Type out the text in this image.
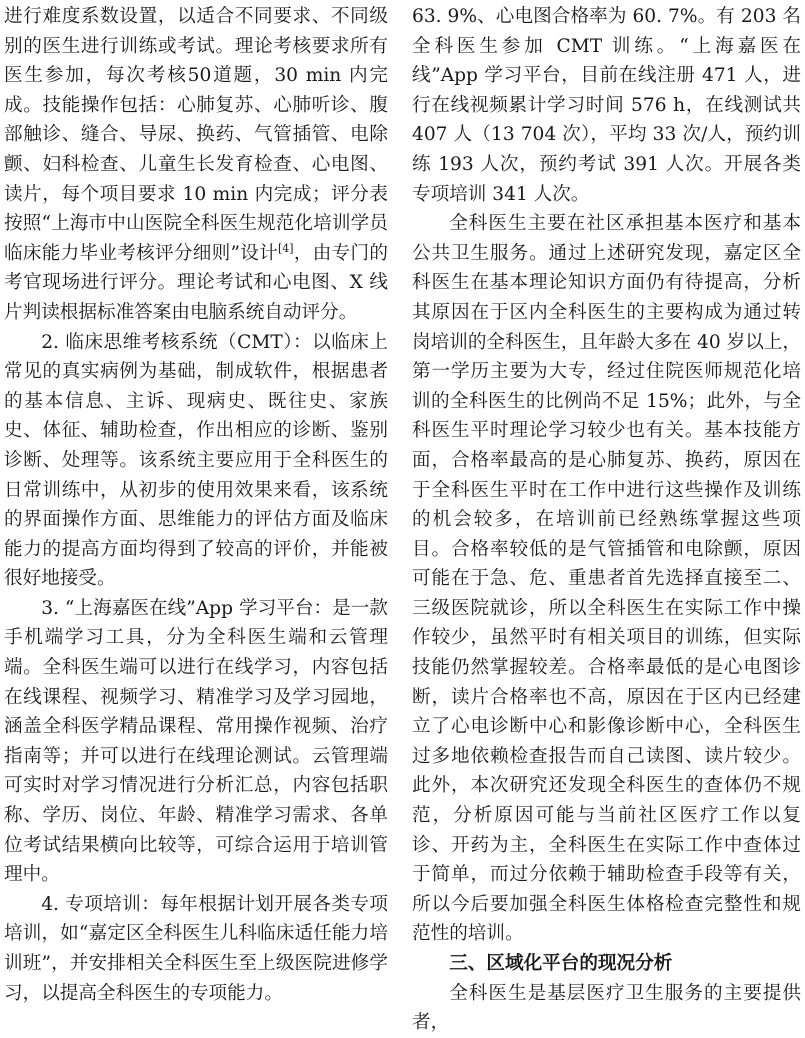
进行难度系数设置，以适合不同要求、不同级别的医生进行训练或考试。理论考核要求所有医生参加，每次考核50道题，30 min 内完成。技能操作包括：心肺复苏、心肺听诊、腹部触诊、缝合、导尿、换药、气管插管、电除颤、妇科检查、儿童生长发育检查、心电图、读片，每个项目要求 10 min 内完成；评分表按照“上海市中山医院全科医生规范化培训学员临床能力毕业考核评分细则”设计[4]，由专门的考官现场进行评分。理论考试和心电图、X 线片判读根据标准答案由电脑系统自动评分。

2. 临床思维考核系统（CMT）：以临床上常见的真实病例为基础，制成软件，根据患者的基本信息、主诉、现病史、既往史、家族史、体征、辅助检查，作出相应的诊断、鉴别诊断、处理等。该系统主要应用于全科医生的日常训练中，从初步的使用效果来看，该系统的界面操作方面、思维能力的评估方面及临床能力的提高方面均得到了较高的评价，并能被很好地接受。

3. “上海嘉医在线”App 学习平台：是一款手机端学习工具，分为全科医生端和云管理端。全科医生端可以进行在线学习，内容包括在线课程、视频学习、精准学习及学习园地，涵盖全科医学精品课程、常用操作视频、治疗指南等；并可以进行在线理论测试。云管理端可实时对学习情况进行分析汇总，内容包括职称、学历、岗位、年龄、精准学习需求、各单位考试结果横向比较等，可综合运用于培训管理中。

4. 专项培训：每年根据计划开展各类专项培训，如“嘉定区全科医生儿科临床适任能力培训班”，并安排相关全科医生至上级医院进修学习，以提高全科医生的专项能力。

63. 9%、心电图合格率为 60. 7%。有 203 名全科医生参加 CMT 训练。“上海嘉医在线”App 学习平台，目前在线注册 471 人，进行在线视频累计学习时间 576 h，在线测试共 407 人（13 704 次），平均 33 次/人，预约训练 193 人次，预约考试 391 人次。开展各类专项培训 341 人次。

全科医生主要在社区承担基本医疗和基本公共卫生服务。通过上述研究发现，嘉定区全科医生在基本理论知识方面仍有待提高，分析其原因在于区内全科医生的主要构成为通过转岗培训的全科医生，且年龄大多在 40 岁以上，第一学历主要为大专，经过住院医师规范化培训的全科医生的比例尚不足 15%；此外，与全科医生平时理论学习较少也有关。基本技能方面，合格率最高的是心肺复苏、换药，原因在于全科医生平时在工作中进行这些操作及训练的机会较多，在培训前已经熟练掌握这些项目。合格率较低的是气管插管和电除颤，原因可能在于急、危、重患者首先选择直接至二、三级医院就诊，所以全科医生在实际工作中操作较少，虽然平时有相关项目的训练，但实际技能仍然掌握较差。合格率最低的是心电图诊断，读片合格率也不高，原因在于区内已经建立了心电诊断中心和影像诊断中心，全科医生过多地依赖检查报告而自己读图、读片较少。此外，本次研究还发现全科医生的查体仍不规范，分析原因可能与当前社区医疗工作以复诊、开药为主，全科医生在实际工作中查体过于简单，而过分依赖于辅助检查手段等有关，所以今后要加强全科医生体格检查完整性和规范性的培训。

三、区域化平台的现况分析

全科医生是基层医疗卫生服务的主要提供者，
